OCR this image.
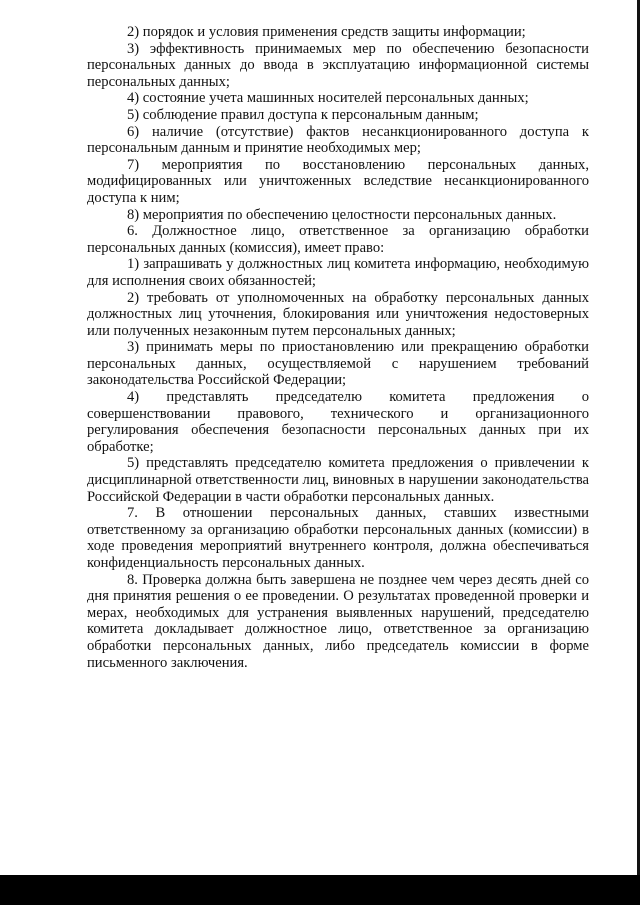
2) порядок и условия применения средств защиты информации;

3) эффективность принимаемых мер по обеспечению безопасности персональных данных до ввода в эксплуатацию информационной системы персональных данных;

4) состояние учета машинных носителей персональных данных;

5) соблюдение правил доступа к персональным данным;

6) наличие (отсутствие) фактов несанкционированного доступа к персональным данным и принятие необходимых мер;

7) мероприятия по восстановлению персональных данных, модифицированных или уничтоженных вследствие несанкционированного доступа к ним;

8) мероприятия по обеспечению целостности персональных данных.

6. Должностное лицо, ответственное за организацию обработки персональных данных (комиссия), имеет право:

1) запрашивать у должностных лиц комитета информацию, необходимую для исполнения своих обязанностей;

2) требовать от уполномоченных на обработку персональных данных должностных лиц уточнения, блокирования или уничтожения недостоверных или полученных незаконным путем персональных данных;

3) принимать меры по приостановлению или прекращению обработки персональных данных, осуществляемой с нарушением требований законодательства Российской Федерации;

4) представлять председателю комитета предложения о совершенствовании правового, технического и организационного регулирования обеспечения безопасности персональных данных при их обработке;

5) представлять председателю комитета предложения о привлечении к дисциплинарной ответственности лиц, виновных в нарушении законодательства Российской Федерации в части обработки персональных данных.

7. В отношении персональных данных, ставших известными ответственному за организацию обработки персональных данных (комиссии) в ходе проведения мероприятий внутреннего контроля, должна обеспечиваться конфиденциальность персональных данных.

8. Проверка должна быть завершена не позднее чем через десять дней со дня принятия решения о ее проведении. О результатах проведенной проверки и мерах, необходимых для устранения выявленных нарушений, председателю комитета докладывает должностное лицо, ответственное за организацию обработки персональных данных, либо председатель комиссии в форме письменного заключения.
